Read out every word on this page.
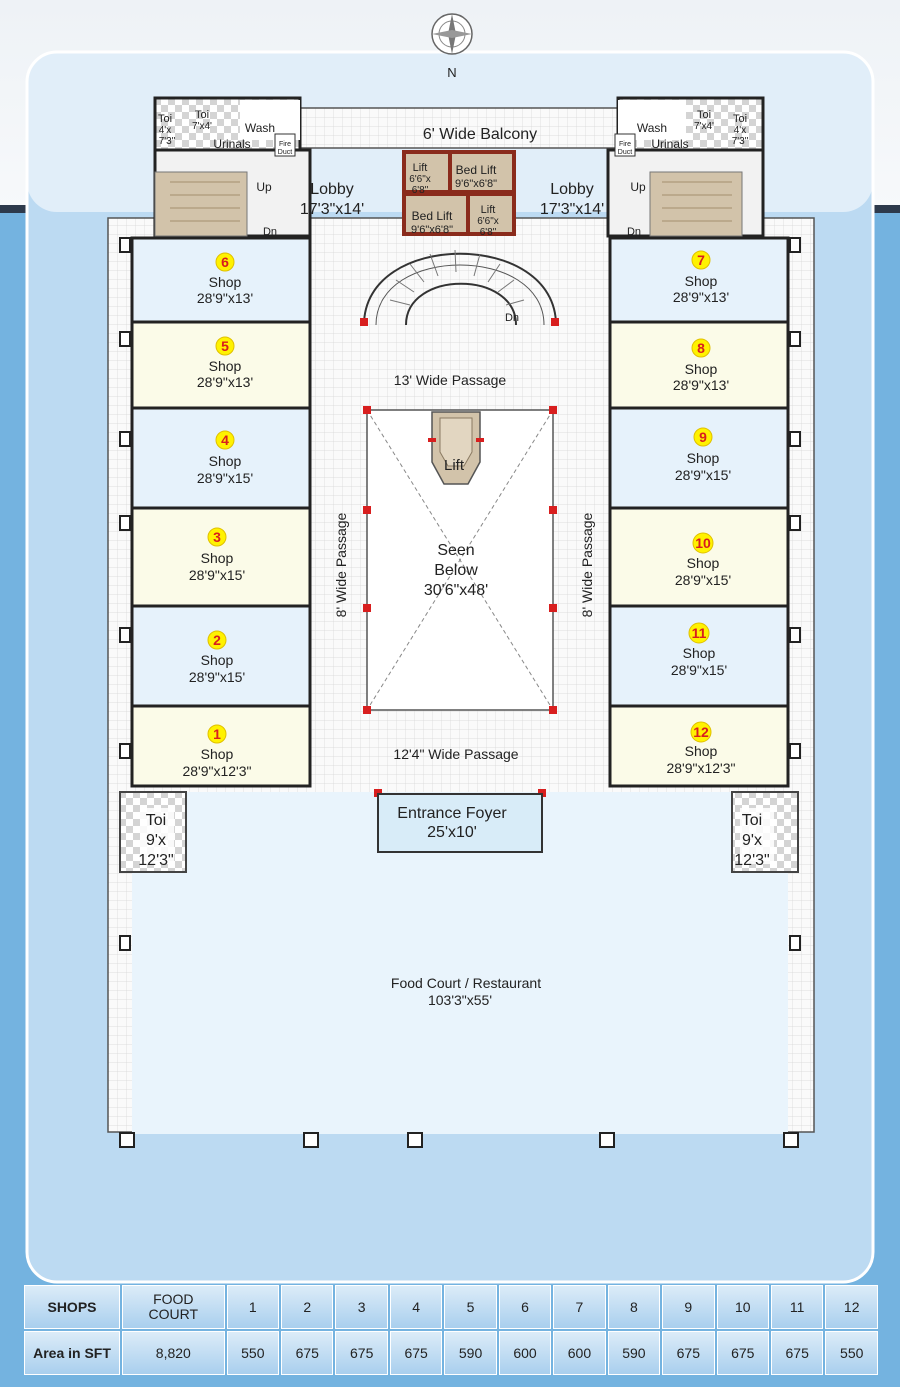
N
6' Wide Balcony
Toi
4'x
7'3"
Toi
7'x4'	Wash
Urinals	Fire
Duct
Up
Dn
Toi
4'x
7'3"
Toi
7'x4'
Wash
Urinals
Fire
Duct
Up
Dn
Lobby
17'3"x14'
Lobby
17'3"x14'
Lift
6'6"x
6'8"
Bed Lift
9'6"x6'8"
Bed Lift
9'6"x6'8"
Lift
6'6"x
6'8"
Dn
13' Wide Passage
8' Wide Passage	8' Wide Passage
12'4" Wide Passage
Lift
Seen
Below
30'6"x48'
6
Shop
28'9"x13'
5
Shop
28'9"x13'
4
Shop
28'9"x15'
3
Shop
28'9"x15'
2
Shop
28'9"x15'
1
Shop
28'9"x12'3"
7
Shop
28'9"x13'
8
Shop
28'9"x13'
9
Shop
28'9"x15'
10
Shop
28'9"x15'
11
Shop
28'9"x15'
12
Shop
28'9"x12'3"
Entrance Foyer
25'x10'
Toi
9'x
12'3"
Toi
9'x
12'3"
Food Court / Restaurant
103'3"x55'
SHOPS	FOOD
COURT	1	2	3	4	5	6	7	8	9	10	11	12
Area in SFT	8,820	550	675	675	675	590	600	600	590	675	675	675	550
